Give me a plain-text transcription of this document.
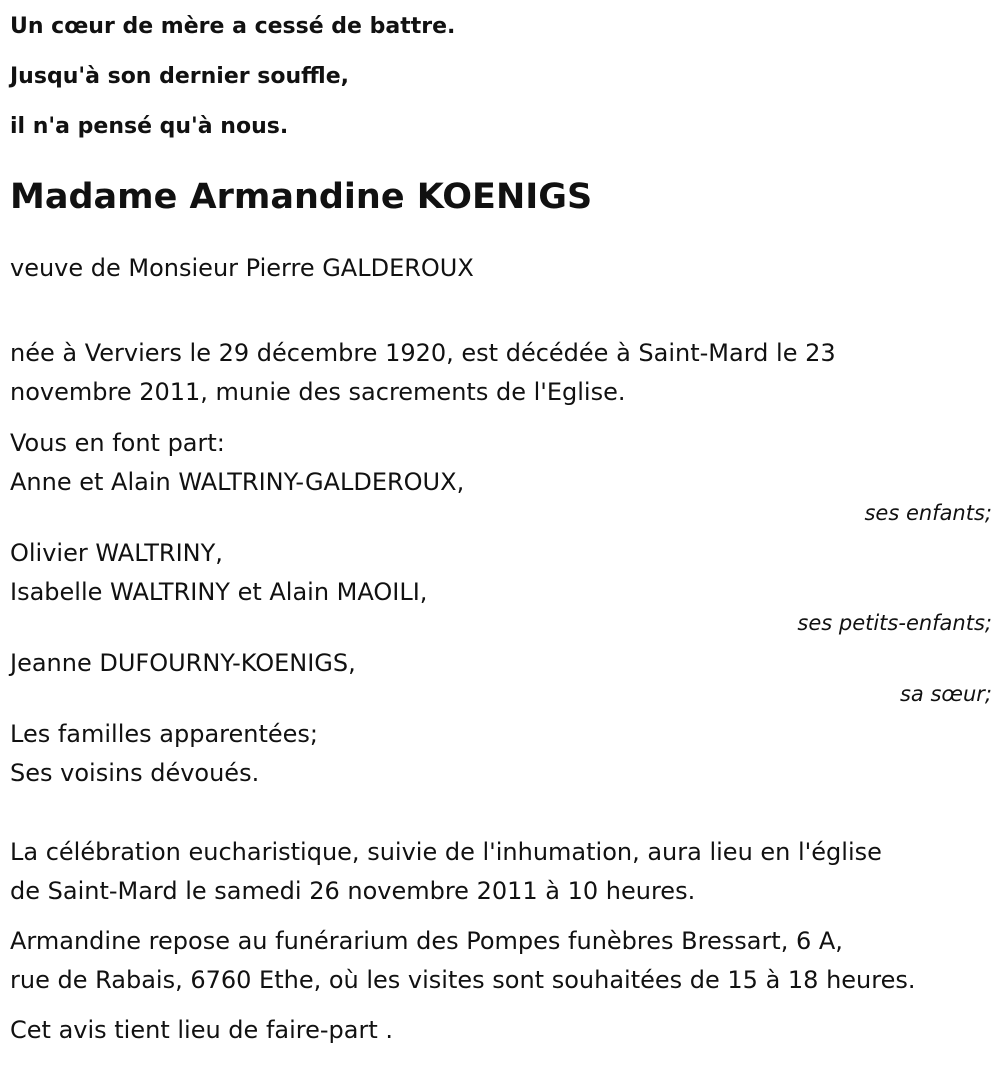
Un cœur de mère a cessé de battre.
Jusqu'à son dernier souffle,
il n'a pensé qu'à nous.
Madame Armandine KOENIGS
veuve de Monsieur Pierre GALDEROUX
née à Verviers le 29 décembre 1920, est décédée à Saint-Mard le 23
novembre 2011, munie des sacrements de l'Eglise.
Vous en font part:
Anne et Alain WALTRINY-GALDEROUX,
ses enfants;
Olivier WALTRINY,
Isabelle WALTRINY et Alain MAOILI,
ses petits-enfants;
Jeanne DUFOURNY-KOENIGS,
sa sœur;
Les familles apparentées;
Ses voisins dévoués.
La célébration eucharistique, suivie de l'inhumation, aura lieu en l'église
de Saint-Mard le samedi 26 novembre 2011 à 10 heures.
Armandine repose au funérarium des Pompes funèbres Bressart, 6 A,
rue de Rabais, 6760 Ethe, où les visites sont souhaitées de 15 à 18 heures.
Cet avis tient lieu de faire-part .
